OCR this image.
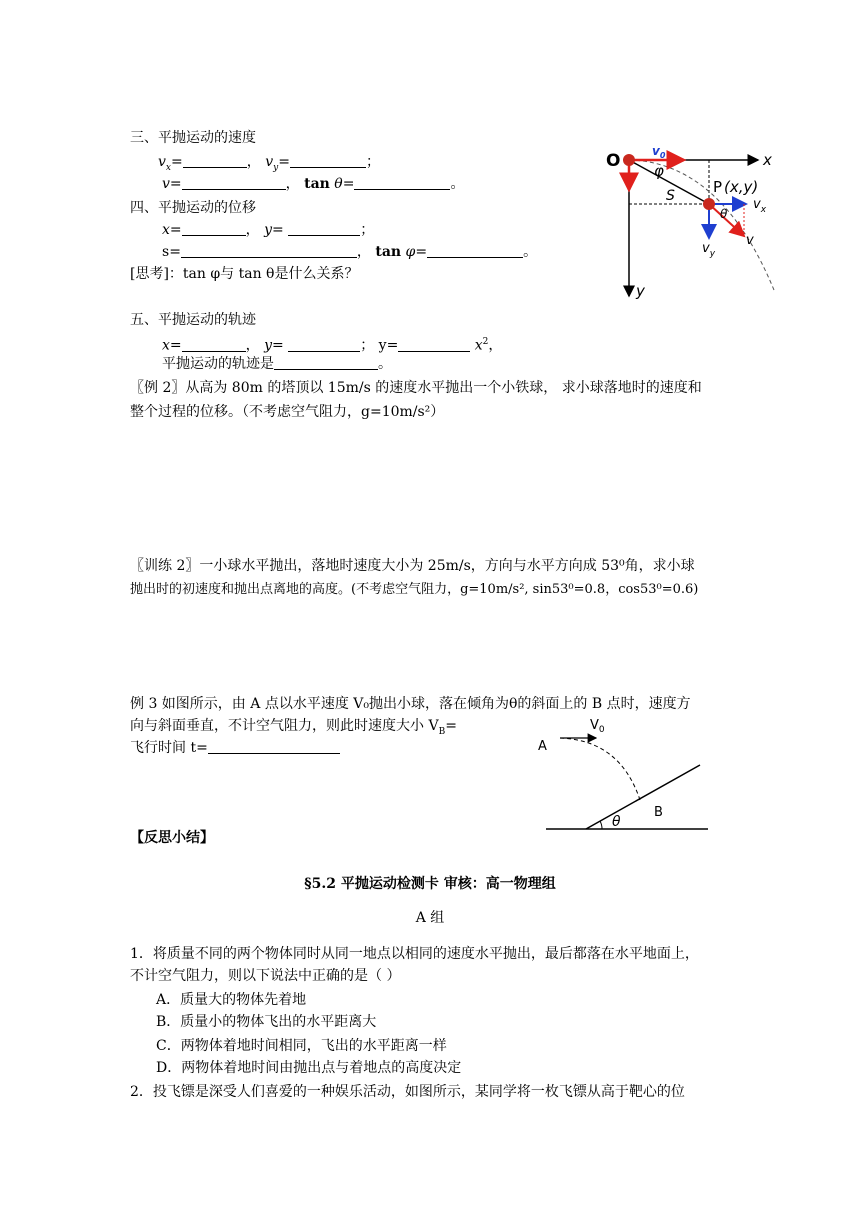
三、平抛运动的速度
$v_x=$	， $v_y=$	；
v=	， tan θ=	。
四、平抛运动的位移
x=	， y=	；
s=	， tan φ=	。
[思考]：tan φ与 tan θ是什么关系？
五、平抛运动的轨迹
x=	， y=	； y=	$x^2$，
平抛运动的轨迹是	。
〖例 2〗从高为 80m 的塔顶以 15m/s 的速度水平抛出一个小铁球， 求小球落地时的速度和
整个过程的位移。（不考虑空气阻力，g=10m/s²）
〖训练 2〗一小球水平抛出，落地时速度大小为 25m/s，方向与水平方向成 53⁰角，求小球
抛出时的初速度和抛出点离地的高度。(不考虑空气阻力，g=10m/s², sin53⁰=0.8，cos53⁰=0.6)
例 3 如图所示，由 A 点以水平速度 V₀抛出小球，落在倾角为θ的斜面上的 B 点时，速度方
向与斜面垂直，不计空气阻力，则此时速度大小 $V_B=$
飞行时间 t=
【反思小结】
§5.2 平抛运动检测卡 审核：高一物理组
A 组
1．将质量不同的两个物体同时从同一地点以相同的速度水平抛出，最后都落在水平地面上，
不计空气阻力，则以下说法中正确的是（ ）
A．质量大的物体先着地
B．质量小的物体飞出的水平距离大
C．两物体着地时间相同，飞出的水平距离一样
D．两物体着地时间由抛出点与着地点的高度决定
2．投飞镖是深受人们喜爱的一种娱乐活动，如图所示，某同学将一枚飞镖从高于靶心的位
O	$v_0$	x
φ
S	P (x,y)
θ
$v_x$
$v_y$
v
y
A
$V_0$
B
θ
